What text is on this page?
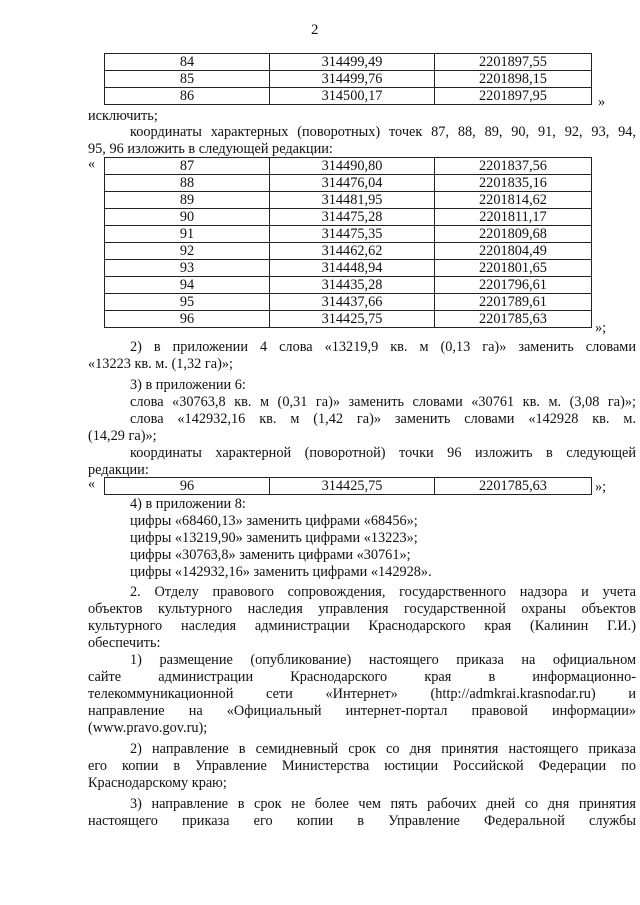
2
84	314499,49	2201897,55
85	314499,76	2201898,15
86	314500,17	2201897,95	»
исключить;
координаты характерных (поворотных) точек 87, 88, 89, 90, 91, 92, 93, 94,
95, 96 изложить в следующей редакции:
«	87	314490,80	2201837,56
88	314476,04	2201835,16
89	314481,95	2201814,62
90	314475,28	2201811,17
91	314475,35	2201809,68
92	314462,62	2201804,49
93	314448,94	2201801,65
94	314435,28	2201796,61
95	314437,66	2201789,61
96	314425,75	2201785,63
»;
2) в приложении 4 слова «13219,9 кв. м (0,13 га)» заменить словами
«13223 кв. м. (1,32 га)»;
3) в приложении 6:
слова «30763,8 кв. м (0,31 га)» заменить словами «30761 кв. м. (3,08 га)»;
слова «142932,16 кв. м (1,42 га)» заменить словами «142928 кв. м.
(14,29 га)»;
координаты характерной (поворотной) точки 96 изложить в следующей
редакции:
«	96	314425,75	2201785,63	»;
4) в приложении 8:
цифры «68460,13» заменить цифрами «68456»;
цифры «13219,90» заменить цифрами «13223»;
цифры «30763,8» заменить цифрами «30761»;
цифры «142932,16» заменить цифрами «142928».
2. Отделу правового сопровождения, государственного надзора и учета
объектов культурного наследия управления государственной охраны объектов
культурного наследия администрации Краснодарского края (Калинин Г.И.)
обеспечить:
1) размещение (опубликование) настоящего приказа на официальном
сайте администрации Краснодарского края в информационно-
телекоммуникационной сети «Интернет» (http://admkrai.krasnodar.ru) и
направление на «Официальный интернет-портал правовой информации»
(www.pravo.gov.ru);
2) направление в семидневный срок со дня принятия настоящего приказа
его копии в Управление Министерства юстиции Российской Федерации по
Краснодарскому краю;
3) направление в срок не более чем пять рабочих дней со дня принятия
настоящего приказа его копии в Управление Федеральной службы
